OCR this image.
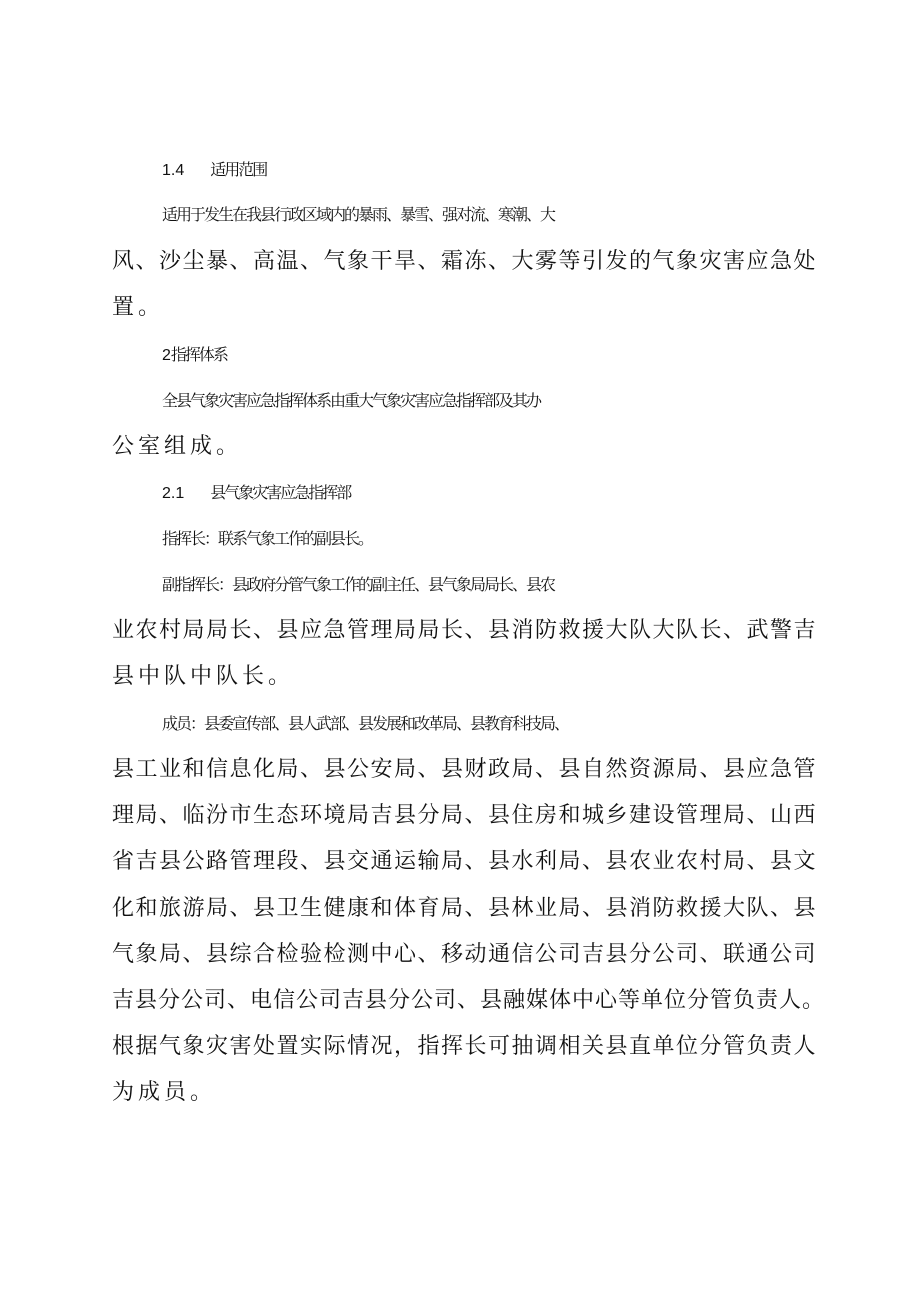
1.4 适用范围
适用于发生在我县行政区域内的暴雨、暴雪、强对流、寒潮、大
风、沙尘暴、高温、气象干旱、霜冻、大雾等引发的气象灾害应急处
置。
2指挥体系
全县气象灾害应急指挥体系由重大气象灾害应急指挥部及其办
公室组成。
2.1 县气象灾害应急指挥部
指挥长：联系气象工作的副县长。
副指挥长：县政府分管气象工作的副主任、县气象局局长、县农
业农村局局长、县应急管理局局长、县消防救援大队大队长、武警吉
县中队中队长。
成员：县委宣传部、县人武部、县发展和改革局、县教育科技局、
县工业和信息化局、县公安局、县财政局、县自然资源局、县应急管
理局、临汾市生态环境局吉县分局、县住房和城乡建设管理局、山西
省吉县公路管理段、县交通运输局、县水利局、县农业农村局、县文
化和旅游局、县卫生健康和体育局、县林业局、县消防救援大队、县
气象局、县综合检验检测中心、移动通信公司吉县分公司、联通公司
吉县分公司、电信公司吉县分公司、县融媒体中心等单位分管负责人。
根据气象灾害处置实际情况，指挥长可抽调相关县直单位分管负责人
为成员。
